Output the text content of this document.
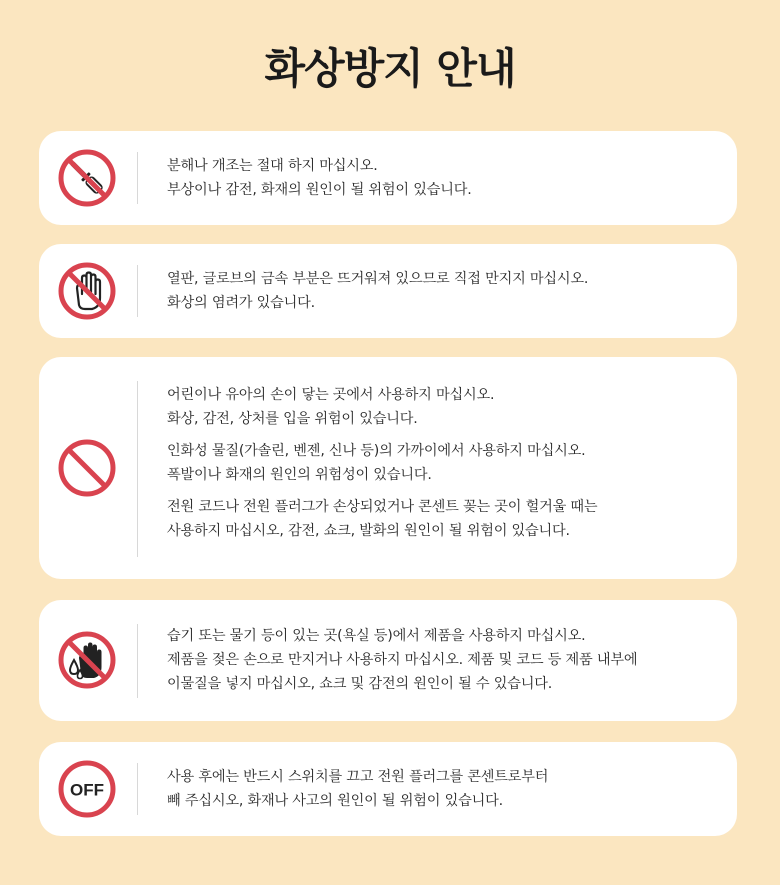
화상방지 안내

분해나 개조는 절대 하지 마십시오.
부상이나 감전, 화재의 원인이 될 위험이 있습니다.

열판, 글로브의 금속 부분은 뜨거워져 있으므로 직접 만지지 마십시오.
화상의 염려가 있습니다.

어린이나 유아의 손이 닿는 곳에서 사용하지 마십시오.
화상, 감전, 상처를 입을 위험이 있습니다.

인화성 물질(가솔린, 벤젠, 신나 등)의 가까이에서 사용하지 마십시오.
폭발이나 화재의 원인의 위험성이 있습니다.

전원 코드나 전원 플러그가 손상되었거나 콘센트 꽂는 곳이 헐거울 때는
사용하지 마십시오, 감전, 쇼크, 발화의 원인이 될 위험이 있습니다.

습기 또는 물기 등이 있는 곳(욕실 등)에서 제품을 사용하지 마십시오.
제품을 젖은 손으로 만지거나 사용하지 마십시오. 제품 및 코드 등 제품 내부에
이물질을 넣지 마십시오, 쇼크 및 감전의 원인이 될 수 있습니다.

OFF

사용 후에는 반드시 스위치를 끄고 전원 플러그를 콘센트로부터
빼 주십시오, 화재나 사고의 원인이 될 위험이 있습니다.
